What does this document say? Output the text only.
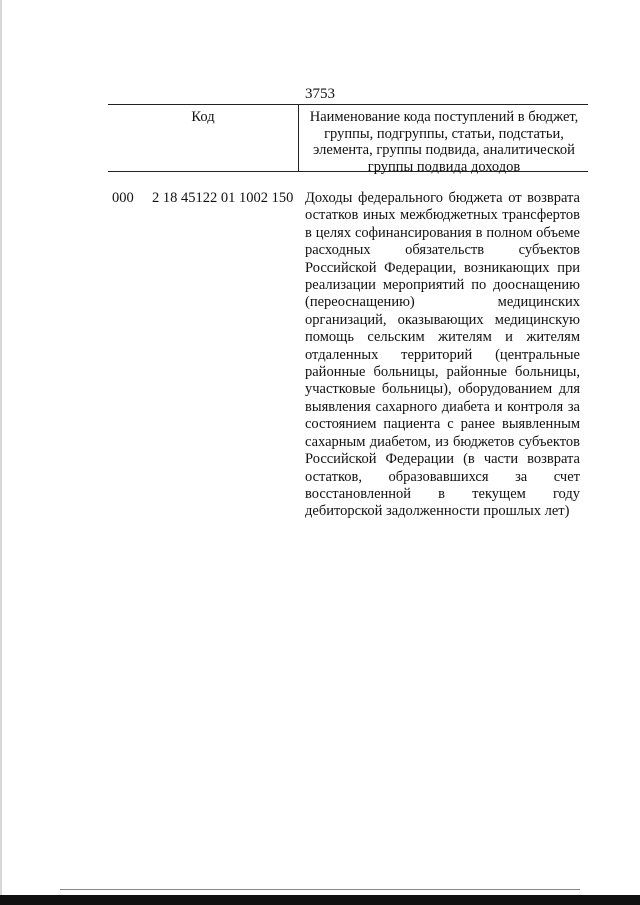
3753
Код	Наименование кода поступлений в бюджет, группы, подгруппы, статьи, подстатьи, элемента, группы подвида, аналитической группы подвида доходов
000 2 18 45122 01 1002 150 Доходы федерального бюджета от возврата остатков иных межбюджетных трансфертов в целях софинансирования в полном объеме расходных обязательств субъектов Российской Федерации, возникающих при реализации мероприятий по дооснащению (переоснащению) медицинских организаций, оказывающих медицинскую помощь сельским жителям и жителям отдаленных территорий (центральные районные больницы, районные больницы, участковые больницы), оборудованием для выявления сахарного диабета и контроля за состоянием пациента с ранее выявленным сахарным диабетом, из бюджетов субъектов Российской Федерации (в части возврата остатков, образовавшихся за счет восстановленной в текущем году дебиторской задолженности прошлых лет)
